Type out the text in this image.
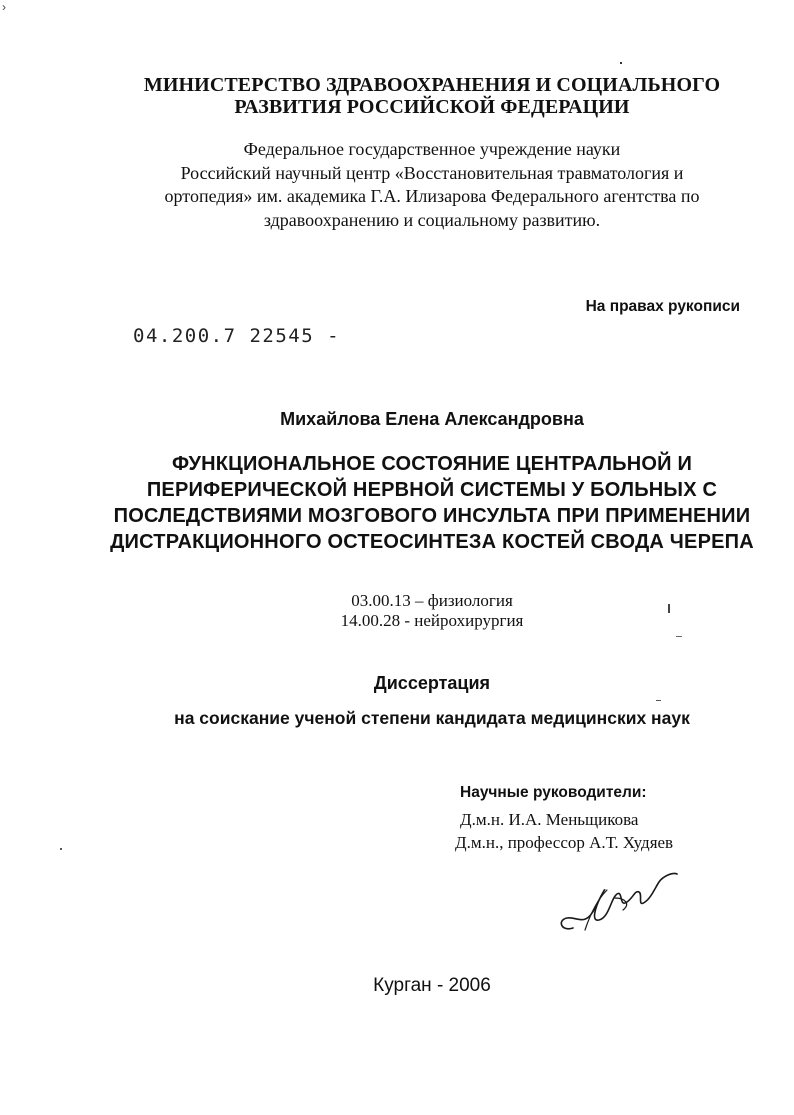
›
МИНИСТЕРСТВО ЗДРАВООХРАНЕНИЯ И СОЦИАЛЬНОГО
РАЗВИТИЯ РОССИЙСКОЙ ФЕДЕРАЦИИ
Федеральное государственное учреждение науки
Российский научный центр «Восстановительная травматология и
ортопедия» им. академика Г.А. Илизарова Федерального агентства по
здравоохранению и социальному развитию.
На правах рукописи
04.200.7 22545 -
Михайлова Елена Александровна
ФУНКЦИОНАЛЬНОЕ СОСТОЯНИЕ ЦЕНТРАЛЬНОЙ И
ПЕРИФЕРИЧЕСКОЙ НЕРВНОЙ СИСТЕМЫ У БОЛЬНЫХ С
ПОСЛЕДСТВИЯМИ МОЗГОВОГО ИНСУЛЬТА ПРИ ПРИМЕНЕНИИ
ДИСТРАКЦИОННОГО ОСТЕОСИНТЕЗА КОСТЕЙ СВОДА ЧЕРЕПА
03.00.13 – физиология
14.00.28 - нейрохирургия
Диссертация
на соискание ученой степени кандидата медицинских наук
Научные руководители:
Д.м.н. И.А. Меньщикова
Д.м.н., профессор А.Т. Худяев
Курган - 2006
